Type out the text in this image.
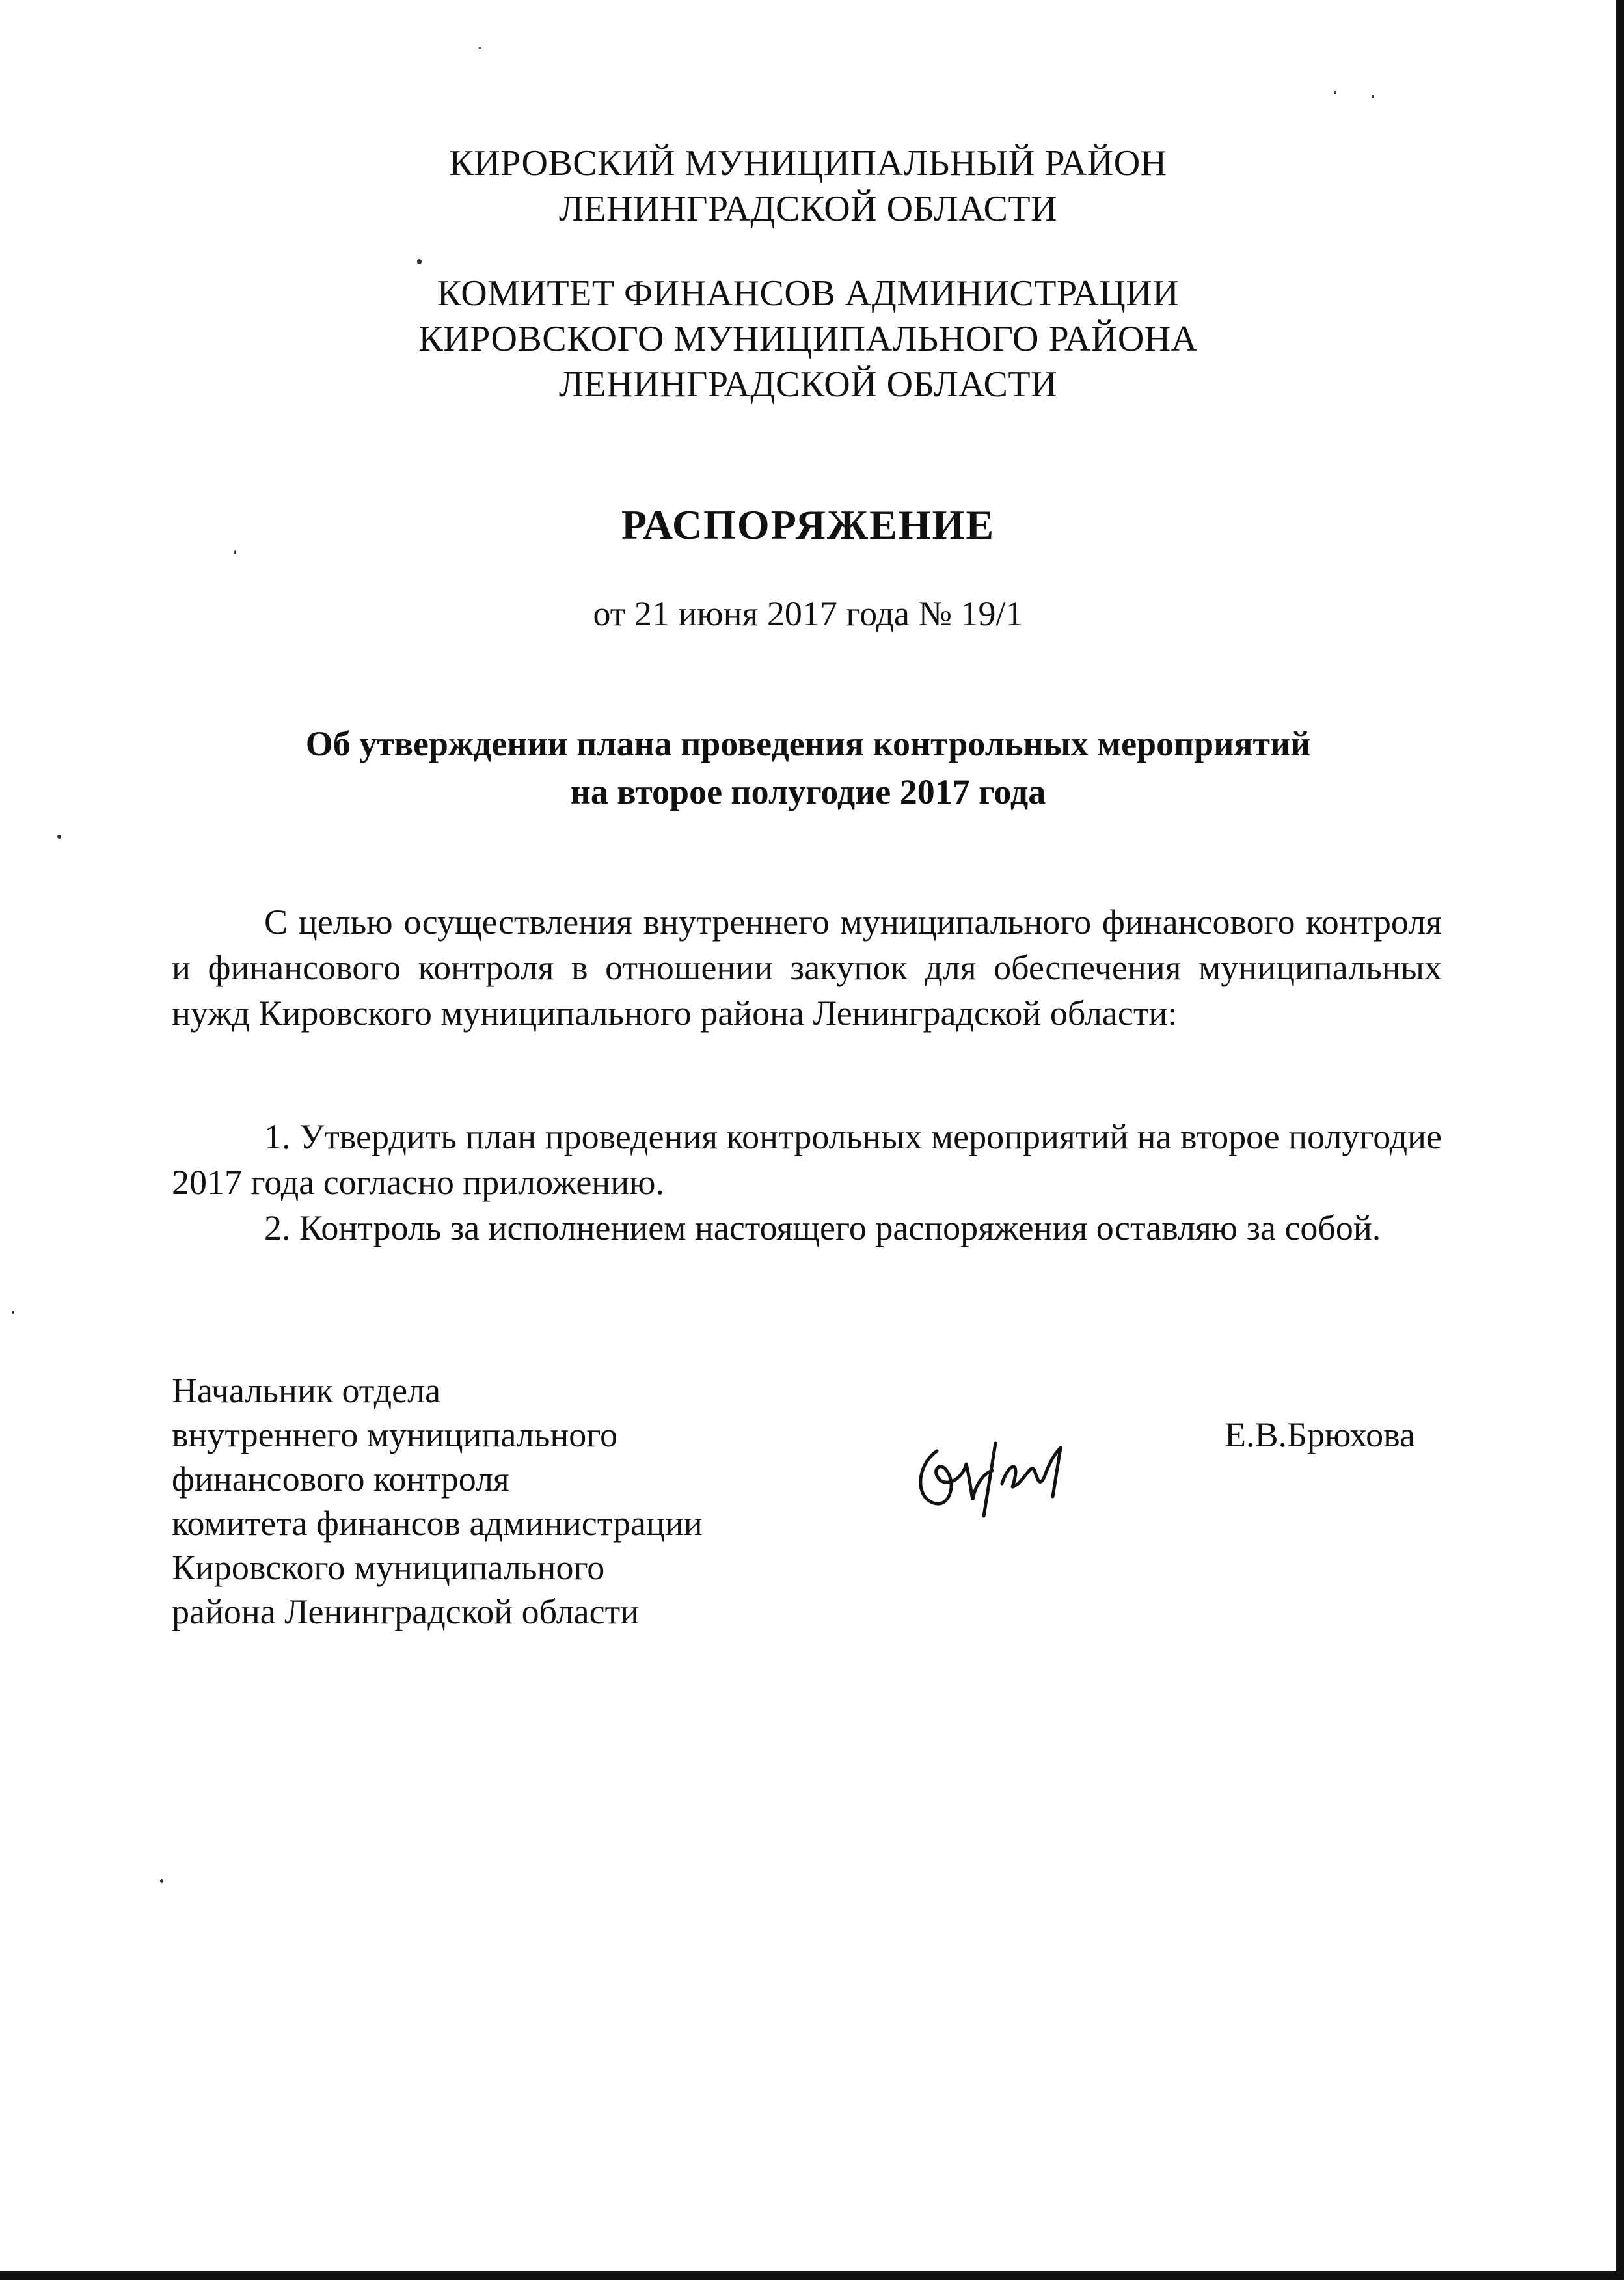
КИРОВСКИЙ МУНИЦИПАЛЬНЫЙ РАЙОН
ЛЕНИНГРАДСКОЙ ОБЛАСТИ
КОМИТЕТ ФИНАНСОВ АДМИНИСТРАЦИИ
КИРОВСКОГО МУНИЦИПАЛЬНОГО РАЙОНА
ЛЕНИНГРАДСКОЙ ОБЛАСТИ
РАСПОРЯЖЕНИЕ
от 21 июня 2017 года № 19/1
Об утверждении плана проведения контрольных мероприятий
на второе полугодие 2017 года
С целью осуществления внутреннего муниципального финансового контроля и финансового контроля в отношении закупок для обеспечения муниципальных нужд Кировского муниципального района Ленинградской области:
1. Утвердить план проведения контрольных мероприятий на второе полугодие 2017 года согласно приложению.
2. Контроль за исполнением настоящего распоряжения оставляю за собой.
Начальник отдела
внутреннего муниципального
финансового контроля
комитета финансов администрации
Кировского муниципального
района Ленинградской области
Е.В.Брюхова
